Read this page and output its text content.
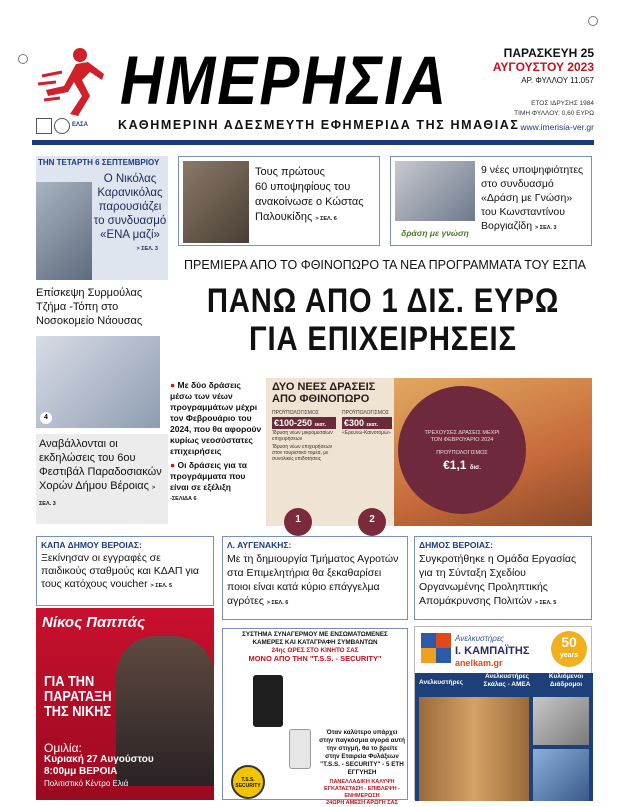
ΗΜΕΡΗΣΙΑ
ΕΛΣΑ ΚΑΘΗΜΕΡΙΝΗ ΑΔΕΣΜΕΥΤΗ ΕΦΗΜΕΡΙΔΑ ΤΗΣ ΗΜΑΘΙΑΣ
ΠΑΡΑΣΚΕΥΗ 25
ΑΥΓΟΥΣΤΟΥ 2023
ΑΡ. ΦΥΛΛΟΥ 11.057
ΕΤΟΣ ΙΔΡΥΣΗΣ 1984
ΤΙΜΗ ΦΥΛΛΟΥ: 0,60 ΕΥΡΩ
www.imerisia-ver.gr
ΤΗΝ ΤΕΤΑΡΤΗ 6 ΣΕΠΤΕΜΒΡΙΟΥ
Ο Νικόλας
Καρανικόλας
παρουσιάζει
το συνδυασμό
«ΕΝΑ μαζί»
> ΣΕΛ. 3
Τους πρώτους
60 υποψηφίους του
ανακοίνωσε ο Κώστας
Παλουκίδης > ΣΕΛ. 6
δράση με γνώση
9 νέες υποψηφιότητες
στο συνδυασμό
«Δράση με Γνώση»
του Κωνσταντίνου
Βοργιαζίδη > ΣΕΛ. 3
ΠΡΕΜΙΕΡΑ ΑΠΟ ΤΟ ΦΘΙΝΟΠΩΡΟ ΤΑ ΝΕΑ ΠΡΟΓΡΑΜΜΑΤΑ ΤΟΥ ΕΣΠΑ
ΠΑΝΩ ΑΠΟ 1 ΔΙΣ. ΕΥΡΩ
ΓΙΑ ΕΠΙΧΕΙΡΗΣΕΙΣ
● Με δύο δράσεις μέσω των νέων προγραμμάτων μέχρι τον Φεβρουάριο του 2024, που θα αφορούν κυρίως νεοσύστατες επιχειρήσεις
● Οι δράσεις για τα προγράμματα που είναι σε εξέλιξη
-ΣΕΛΙΔΑ 6
ΔΥΟ ΝΕΕΣ ΔΡΑΣΕΙΣ
ΑΠΟ ΦΘΙΝΟΠΩΡΟ
ΠΡΟΫΠΟΛΟΓΙΣΜΟΣ
€100-250 εκατ.
Ίδρυση νέων μικρομεσαίων επιχειρήσεων
Ίδρυση νέων επιχειρήσεων στον τουριστικό τομέα, με συνολικές επιδοτήσεις
ΠΡΟΫΠΟΛΟΓΙΣΜΟΣ
€300 εκατ.
«Ερευνώ-Καινοτομώ»
1	2
ΤΡΕΧΟΥΣΕΣ ΔΡΑΣΕΙΣ ΜΕΧΡΙ ΤΟΝ ΦΕΒΡΟΥΑΡΙΟ 2024
ΠΡΟΫΠΟΛΟΓΙΣΜΟΣ
€1,1 δισ.
Επίσκεψη Συρμούλας Τζήμα -Τόπη στο Νοσοκομείο Νάουσας
4
Αναβάλλονται οι εκδηλώσεις του 6ου Φεστιβάλ Παραδοσιακών Χορών Δήμου Βέροιας > ΣΕΛ. 3
ΚΑΠΑ ΔΗΜΟΥ ΒΕΡΟΙΑΣ:
Ξεκίνησαν οι εγγραφές σε παιδικούς σταθμούς και ΚΔΑΠ για τους κατόχους voucher > ΣΕΛ. 5
Λ. ΑΥΓΕΝΑΚΗΣ:
Με τη δημιουργία Τμήματος Αγροτών στα Επιμελητήρια θα ξεκαθαρίσει ποιοι είναι κατά κύριο επάγγελμα αγρότες > ΣΕΛ. 6
ΔΗΜΟΣ ΒΕΡΟΙΑΣ:
Συγκροτήθηκε η Ομάδα Εργασίας για τη Σύνταξη Σχεδίου Οργανωμένης Προληπτικής Απομάκρυνσης Πολιτών > ΣΕΛ. 5
Νίκος Παππάς
ΓΙΑ ΤΗΝ
ΠΑΡΑΤΑΞΗ
ΤΗΣ ΝΙΚΗΣ
Ομιλία:
Κυριακή 27 Αυγούστου
8:00μμ ΒΕΡΟΙΑ
Πολιτιστικό Κέντρο Ελιά
ΣΥΣΤΗΜΑ ΣΥΝΑΓΕΡΜΟΥ ΜΕ ΕΝΣΩΜΑΤΩΜΕΝΕΣ
ΚΑΜΕΡΕΣ ΚΑΙ ΚΑΤΑΓΡΑΦΗ ΣΥΜΒΑΝΤΩΝ
24ης ΩΡΕΣ ΣΤΟ ΚΙΝΗΤΟ ΣΑΣ
ΜΟΝΟ ΑΠΟ ΤΗΝ "T.S.S. - SECURITY"
T.S.S. SECURITY
Όταν καλύτερο υπάρχει στην παγκόσμια αγορά αυτή την στιγμή, θα το βρείτε στην Εταιρεία Φυλάξεων "T.S.S. - SECURITY" - 5 ΕΤΗ ΕΓΓΥΗΣΗ
ΠΑΝΕΛΛΑΔΙΚΗ ΚΑΛΥΨΗ
ΕΓΚΑΤΑΣΤΑΣΗ - ΕΠΙΒΛΕΨΗ - ΕΝΗΜΕΡΩΣΗ
24ΩΡΗ ΑΜΕΣΗ ΑΡΩΓΗ ΣΑΣ
Ανελκυστήρες
Ι. ΚΑΜΠΑΪΤΗΣ
anelkam.gr
50
years
Ανελκυστήρες
Ανελκυστήρες Σκάλας - ΑΜΕΑ
Κυλιόμενοι Διάδρομοι
